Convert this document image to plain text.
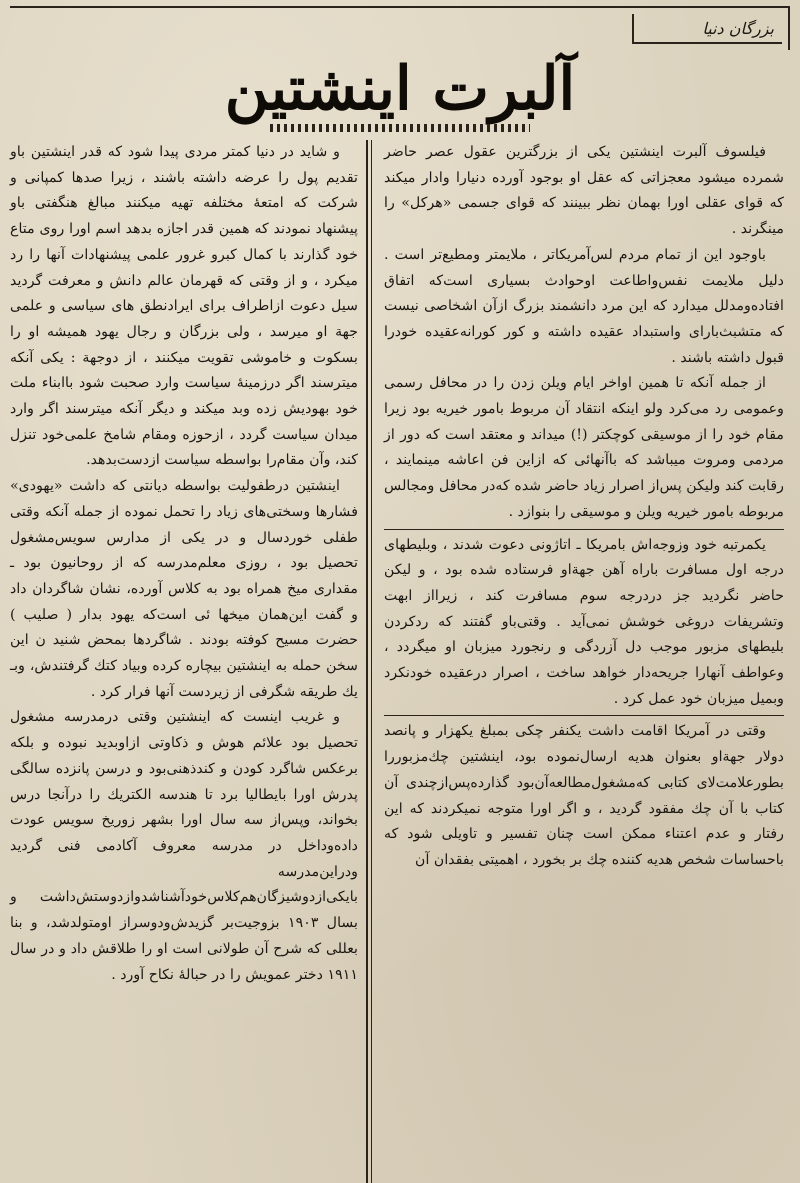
بزرگان دنیا
آلبرت اینشتین

فیلسوف آلبرت اینشتین یکی از بزرگترین عقول عصر حاضر شمرده میشود معجزاتی که عقل او بوجود آورده دنیارا وادار میکند که قوای عقلی اورا بهمان نظر ببینند که قوای جسمی «هرکل» را مینگرند .

باوجود این از تمام مردم لس‌آمریکاتر ، ملایمتر ومطیع‌تر است . دلیل ملایمت نفس‌واطاعت اوحوادث بسیاری است‌که اتفاق افتاده‌ومدلل میدارد که این مرد دانشمند بزرگ ازآن اشخاصی نیست که متشبث‌بارای واستبداد عقیده داشته و کور کورانه‌عقیده خودرا قبول داشته باشند .

از جمله آنکه تا همین اواخر ایام ویلن زدن را در محافل رسمی وعمومی رد می‌کرد ولو اینکه انتقاد آن مربوط بامور خیریه بود زیرا مقام خود را از موسیقی کوچکتر (!) میداند و معتقد است که دور از مردمی ومروت میباشد که باآنهائی که ازاین فن اعاشه مینمایند ، رقابت کند ولیکن پس‌از اصرار زیاد حاضر شده که‌در محافل ومجالس مربوطه بامور خیریه ویلن و موسیقی را بنوازد .

یکمرتبه خود وزوجه‌اش بامریکا ـ اتاژونی دعوت شدند ، وبلیطهای درجه اول مسافرت باراه آهن جهةاو فرستاده شده بود ، و لیکن حاضر نگردید جز دردرجه سوم مسافرت کند ، زیرااز ابهت وتشریفات دروغی خوشش نمی‌آید . وقتی‌باو گفتند که ردکردن بلیطهای مزبور موجب دل آزردگی و رنجورد میزبان او میگردد ، وعواطف آنهارا جریحه‌دار خواهد ساخت ، اصرار درعقیده خودنکرد وبمیل میزبان خود عمل کرد .

وقتی در آمریکا اقامت داشت یکنفر چکی بمبلغ یکهزار و پانصد دولار جهةاو بعنوان هدیه ارسال‌نموده بود، اینشتین چك‌مزبوررا بطورعلامت‌لای کتابی که‌مشغول‌مطالعه‌آن‌بود گذارده‌پس‌ازچندی آن کتاب با آن چك مفقود گردید ، و اگر اورا متوجه نمیکردند که این رفتار و عدم اعتناء ممکن است چنان تفسیر و تاویلی شود که باحساسات شخص هدیه کننده چك بر بخورد ، اهمیتی بفقدان آن

و شاید در دنیا کمتر مردی پیدا شود که قدر اینشتین باو تقدیم پول را عرضه داشته باشند ، زیرا صدها کمپانی و شرکت که امتعهٔ مختلفه تهیه میکنند مبالغ هنگفتی باو پیشنهاد نمودند که همین قدر اجازه بدهد اسم اورا روی متاع خود گذارند با کمال کبرو غرور علمی پیشنهادات آنها را رد میکرد ، و از وقتی که قهرمان عالم دانش و معرفت گردید سیل دعوت ازاطراف برای ایرادنطق های سیاسی و علمی جهة او میرسد ، ولی بزرگان و رجال یهود همیشه او را بسکوت و خاموشی تقویت میکنند ، از دوجهة : یکی آنکه میترسند اگر درزمینهٔ سیاست وارد صحبت شود باابناء ملت خود بهودیش زده وبد میکند و دیگر آنکه میترسند اگر وارد میدان سیاست گردد ، ازحوزه ومقام شامخ علمی‌خود تنزل کند، وآن مقام‌را بواسطه سیاست ازدست‌بدهد.

اینشتین درطفولیت بواسطه دیانتی که داشت «یهودی» فشارها وسختی‌های زیاد را تحمل نموده از جمله آنکه وقتی طفلی خوردسال و در یکی از مدارس سویس‌مشغول تحصیل بود ، روزی معلم‌مدرسه که از روحانیون بود ـ مقداری میخ همراه بود به کلاس آورده، نشان شاگردان داد و گفت این‌همان میخها ئی است‌که یهود بدار ( صلیب ) حضرت مسیح کوفته بودند . شاگردها بمحض شنید ن این سخن حمله به اینشتین بیچاره کرده وبیاد کتك گرفتندش، وبـ یك طریقه شگرفی از زیردست آنها فرار کرد .

و غریب اینست که اینشتین وقتی درمدرسه مشغول تحصیل بود علائم هوش و ذکاوتی ازاوبدید نبوده و بلکه برعکس شاگرد کودن و کندذهنی‌بود و درسن پانزده سالگی پدرش اورا بایطالیا برد تا هندسه الکتریك را درآنجا درس بخواند، وپس‌از سه سال اورا بشهر زوریخ سویس عودت داده‌وداخل در مدرسه معروف آکادمی فنی گردید ودراین‌مدرسه بایکی‌ازدوشیزگان‌هم‌کلاس‌خودآشناشدوازدوستش‌داشت و بسال ۱۹۰۳ بزوجیت‌بر گزیدش‌ودوسراز اومتولدشد، و بنا بعللی که شرح آن طولانی است او را طلاقش داد و در سال ۱۹۱۱ دختر عمویش را در حبالهٔ نکاح آورد .
